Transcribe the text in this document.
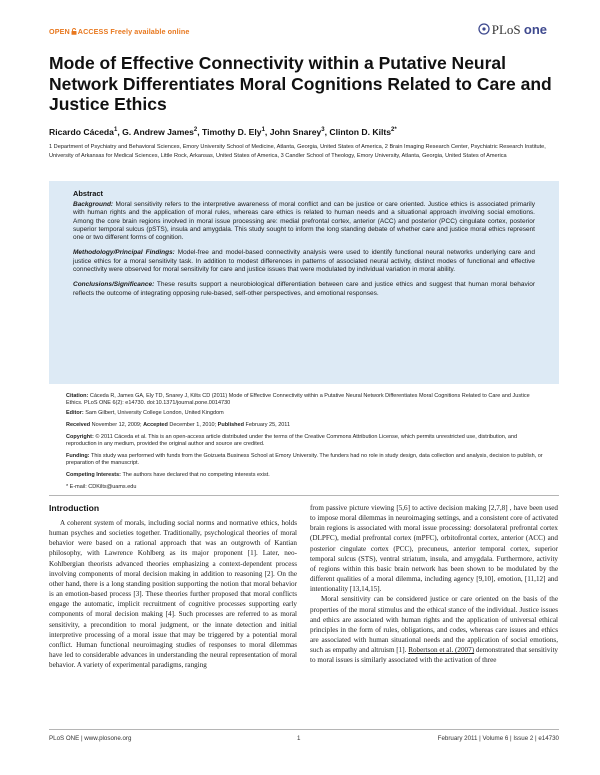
OPEN ACCESS Freely available online	PLoS one
Mode of Effective Connectivity within a Putative Neural Network Differentiates Moral Cognitions Related to Care and Justice Ethics
Ricardo Cáceda$^1$, G. Andrew James$^2$, Timothy D. Ely$^1$, John Snarey$^3$, Clinton D. Kilts$^{2*}$
1 Department of Psychiatry and Behavioral Sciences, Emory University School of Medicine, Atlanta, Georgia, United States of America, 2 Brain Imaging Research Center, Psychiatric Research Institute, University of Arkansas for Medical Sciences, Little Rock, Arkansas, United States of America, 3 Candler School of Theology, Emory University, Atlanta, Georgia, United States of America
Abstract

Background: Moral sensitivity refers to the interpretive awareness of moral conflict and can be justice or care oriented. Justice ethics is associated primarily with human rights and the application of moral rules, whereas care ethics is related to human needs and a situational approach involving social emotions. Among the core brain regions involved in moral issue processing are: medial prefrontal cortex, anterior (ACC) and posterior (PCC) cingulate cortex, posterior superior temporal sulcus (pSTS), insula and amygdala. This study sought to inform the long standing debate of whether care and justice moral ethics represent one or two different forms of cognition.

Methodology/Principal Findings: Model-free and model-based connectivity analysis were used to identify functional neural networks underlying care and justice ethics for a moral sensitivity task. In addition to modest differences in patterns of associated neural activity, distinct modes of functional and effective connectivity were observed for moral sensitivity for care and justice issues that were modulated by individual variation in moral ability.

Conclusions/Significance: These results support a neurobiological differentiation between care and justice ethics and suggest that human moral behavior reflects the outcome of integrating opposing rule-based, self-other perspectives, and emotional responses.

Citation: Cáceda R, James GA, Ely TD, Snarey J, Kilts CD (2011) Mode of Effective Connectivity within a Putative Neural Network Differentiates Moral Cognitions Related to Care and Justice Ethics. PLoS ONE 6(2): e14730. doi:10.1371/journal.pone.0014730
Editor: Sam Gilbert, University College London, United Kingdom
Received November 12, 2009; Accepted December 1, 2010; Published February 25, 2011
Copyright: © 2011 Cáceda et al. This is an open-access article distributed under the terms of the Creative Commons Attribution License, which permits unrestricted use, distribution, and reproduction in any medium, provided the original author and source are credited.
Funding: This study was performed with funds from the Goizueta Business School at Emory University. The funders had no role in study design, data collection and analysis, decision to publish, or preparation of the manuscript.
Competing Interests: The authors have declared that no competing interests exist.
* E-mail: CDKilts@uams.edu
Introduction

A coherent system of morals, including social norms and normative ethics, holds human psyches and societies together. Traditionally, psychological theories of moral behavior were based on a rational approach that was an outgrowth of Kantian philosophy, with Lawrence Kohlberg as its major proponent [1]. Later, neo-Kohlbergian theorists advanced theories emphasizing a context-dependent process involving components of moral decision making in addition to reasoning [2]. On the other hand, there is a long standing position supporting the notion that moral behavior is an emotion-based process [3]. These theories further proposed that moral conflicts engage the automatic, implicit recruitment of cognitive processes supporting early components of moral decision making [4]. Such processes are referred to as moral sensitivity, a precondition to moral judgment, or the innate detection and initial interpretive processing of a moral issue that may be triggered by a potential moral conflict. Human functional neuroimaging studies of responses to moral dilemmas have led to considerable advances in understanding the neural representation of moral behavior. A variety of experimental paradigms, ranging

from passive picture viewing [5,6] to active decision making [2,7,8] , have been used to impose moral dilemmas in neuroimaging settings, and a consistent core of activated brain regions is associated with moral issue processing: dorsolateral prefrontal cortex (DLPFC), medial prefrontal cortex (mPFC), orbitofrontal cortex, anterior (ACC) and posterior cingulate cortex (PCC), precuneus, anterior temporal cortex, superior temporal sulcus (STS), ventral striatum, insula, and amygdala. Furthermore, activity of regions within this basic brain network has been shown to be modulated by the different qualities of a moral dilemma, including agency [9,10], emotion, [11,12] and intentionality [13,14,15].

Moral sensitivity can be considered justice or care oriented on the basis of the properties of the moral stimulus and the ethical stance of the individual. Justice issues and ethics are associated with human rights and the application of universal ethical principles in the form of rules, obligations, and codes, whereas care issues and ethics are associated with human situational needs and the application of social emotions, such as empathy and altruism [1]. Robertson et al. (2007) demonstrated that sensitivity to moral issues is similarly associated with the activation of three

PLoS ONE | www.plosone.org	1	February 2011 | Volume 6 | Issue 2 | e14730
